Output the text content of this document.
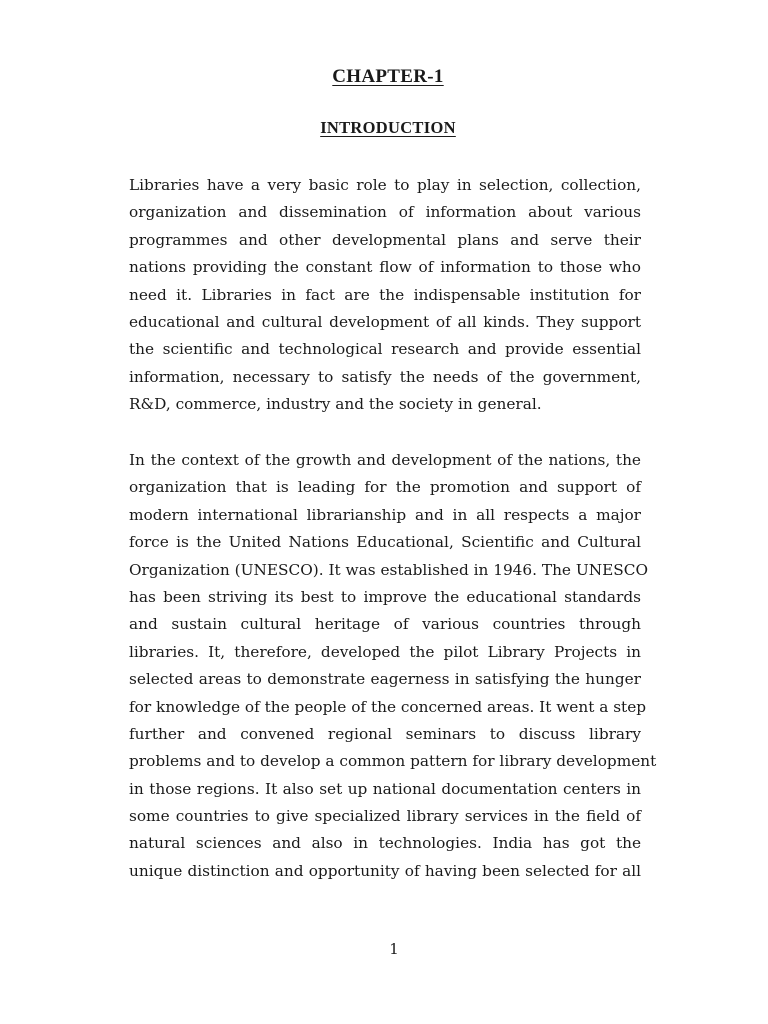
CHAPTER-1
INTRODUCTION
Libraries have a very basic role to play in selection, collection,
organization and dissemination of information about various
programmes and other developmental plans and serve their
nations providing the constant flow of information to those who
need it. Libraries in fact are the indispensable institution for
educational and cultural development of all kinds. They support
the scientific and technological research and provide essential
information, necessary to satisfy the needs of the government,
R&D, commerce, industry and the society in general.
In the context of the growth and development of the nations, the
organization that is leading for the promotion and support of
modern international librarianship and in all respects a major
force is the United Nations Educational, Scientific and Cultural
Organization (UNESCO). It was established in 1946. The UNESCO
has been striving its best to improve the educational standards
and sustain cultural heritage of various countries through
libraries. It, therefore, developed the pilot Library Projects in
selected areas to demonstrate eagerness in satisfying the hunger
for knowledge of the people of the concerned areas. It went a step
further and convened regional seminars to discuss library
problems and to develop a common pattern for library development
in those regions. It also set up national documentation centers in
some countries to give specialized library services in the field of
natural sciences and also in technologies. India has got the
unique distinction and opportunity of having been selected for all
1
